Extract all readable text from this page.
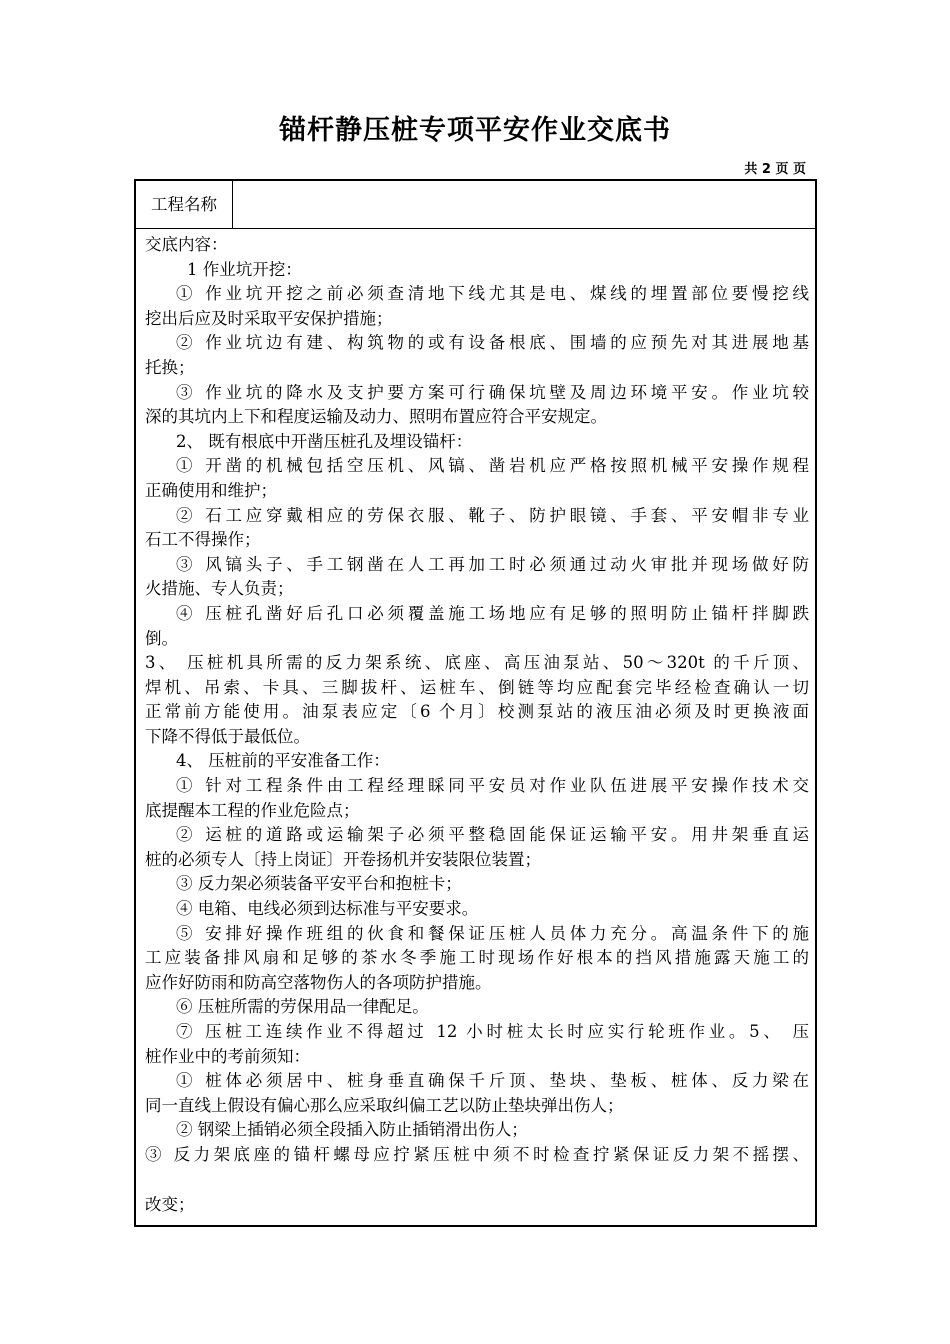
锚杆静压桩专项平安作业交底书
共 2 页 页
工程名称
交底内容：
1 作业坑开挖：
① 作业坑开挖之前必须查清地下线尤其是电、煤线的埋置部位要慢挖线
挖出后应及时采取平安保护措施；
② 作业坑边有建、构筑物的或有设备根底、围墙的应预先对其进展地基
托换；
③ 作业坑的降水及支护要方案可行确保坑壁及周边环境平安。作业坑较
深的其坑内上下和程度运输及动力、照明布置应符合平安规定。
2、 既有根底中开凿压桩孔及埋设锚杆：
① 开凿的机械包括空压机、风镐、凿岩机应严格按照机械平安操作规程
正确使用和维护；
② 石工应穿戴相应的劳保衣服、靴子、防护眼镜、手套、平安帽非专业
石工不得操作；
③ 风镐头子、手工钢凿在人工再加工时必须通过动火审批并现场做好防
火措施、专人负责；
④ 压桩孔凿好后孔口必须覆盖施工场地应有足够的照明防止锚杆拌脚跌
倒。
3、 压桩机具所需的反力架系统、底座、高压油泵站、50～320t 的千斤顶、
焊机、吊索、卡具、三脚拔杆、运桩车、倒链等均应配套完毕经检查确认一切
正常前方能使用。油泵表应定〔6 个月〕校测泵站的液压油必须及时更换液面
下降不得低于最低位。
4、 压桩前的平安准备工作：
① 针对工程条件由工程经理睬同平安员对作业队伍进展平安操作技术交
底提醒本工程的作业危险点；
② 运桩的道路或运输架子必须平整稳固能保证运输平安。用井架垂直运
桩的必须专人〔持上岗证〕开卷扬机并安装限位装置；
③ 反力架必须装备平安平台和抱桩卡；
④ 电箱、电线必须到达标准与平安要求。
⑤ 安排好操作班组的伙食和餐保证压桩人员体力充分。高温条件下的施
工应装备排风扇和足够的茶水冬季施工时现场作好根本的挡风措施露天施工的
应作好防雨和防高空落物伤人的各项防护措施。
⑥ 压桩所需的劳保用品一律配足。
⑦ 压桩工连续作业不得超过 12 小时桩太长时应实行轮班作业。5、 压
桩作业中的考前须知：
① 桩体必须居中、桩身垂直确保千斤顶、垫块、垫板、桩体、反力梁在
同一直线上假设有偏心那么应采取纠偏工艺以防止垫块弹出伤人；
② 钢梁上插销必须全段插入防止插销滑出伤人；
③ 反力架底座的锚杆螺母应拧紧压桩中须不时检查拧紧保证反力架不摇摆、
改变；
